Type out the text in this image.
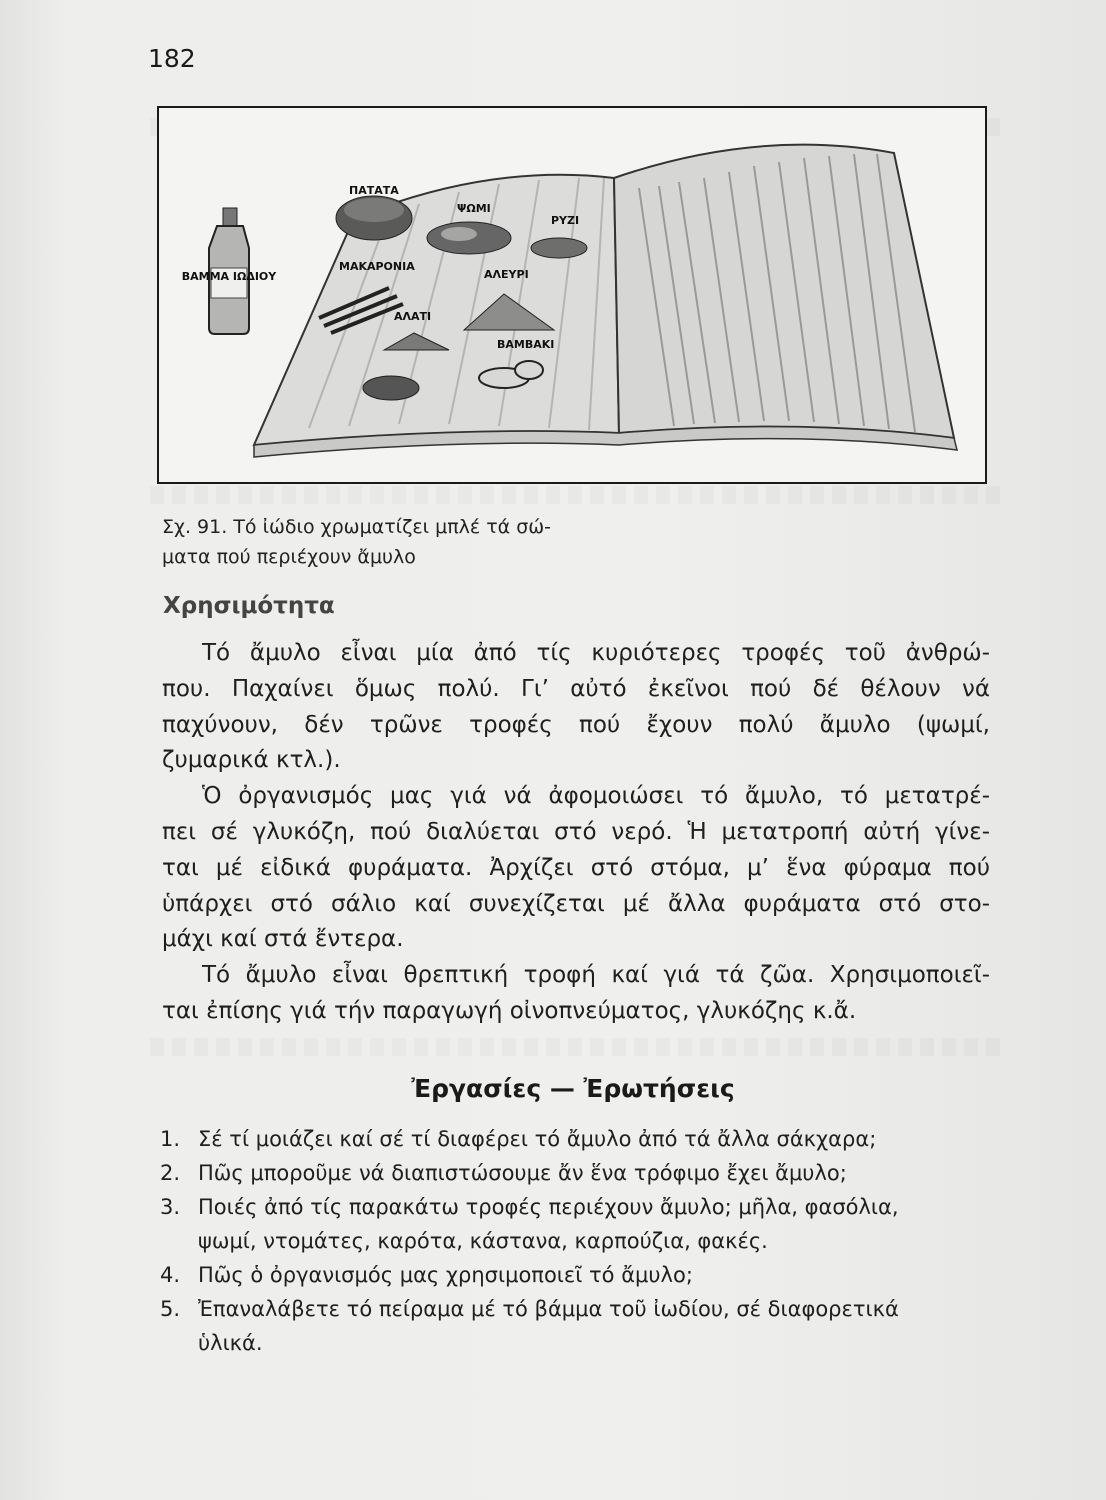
182
ΒΑΜΜΑ ΙΩΔΙΟΥ
ΠΑΤΑΤΑ
ΨΩΜΙ
ΡΥΖΙ
ΜΑΚΑΡΟΝΙΑ
ΑΛΕΥΡΙ
ΑΛΑΤΙ
ΒΑΜΒΑΚΙ
Σχ. 91. Τό ἰώδιο χρωματίζει μπλέ τά σώ-
ματα πού περιέχουν ἄμυλο
Χρησιμότητα
Τό ἄμυλο εἶναι μία ἀπό τίς κυριότερες τροφές τοῦ ἀνθρώ-
που. Παχαίνει ὅμως πολύ. Γι’ αὐτό ἐκεῖνοι πού δέ θέλουν νά
παχύνουν, δέν τρῶνε τροφές πού ἔχουν πολύ ἄμυλο (ψωμί,
ζυμαρικά κτλ.).
Ὁ ὀργανισμός μας γιά νά ἀφομοιώσει τό ἄμυλο, τό μετατρέ-
πει σέ γλυκόζη, πού διαλύεται στό νερό. Ἡ μετατροπή αὐτή γίνε-
ται μέ εἰδικά φυράματα. Ἀρχίζει στό στόμα, μ’ ἕνα φύραμα πού
ὑπάρχει στό σάλιο καί συνεχίζεται μέ ἄλλα φυράματα στό στο-
μάχι καί στά ἔντερα.
Τό ἄμυλο εἶναι θρεπτική τροφή καί γιά τά ζῶα. Χρησιμοποιεῖ-
ται ἐπίσης γιά τήν παραγωγή οἰνοπνεύματος, γλυκόζης κ.ἄ.
Ἐργασίες — Ἐρωτήσεις
1. Σέ τί μοιάζει καί σέ τί διαφέρει τό ἄμυλο ἀπό τά ἄλλα σάκχαρα;
2. Πῶς μποροῦμε νά διαπιστώσουμε ἄν ἕνα τρόφιμο ἔχει ἄμυλο;
3. Ποιές ἀπό τίς παρακάτω τροφές περιέχουν ἄμυλο; μῆλα, φασόλια,
ψωμί, ντομάτες, καρότα, κάστανα, καρπούζια, φακές.
4. Πῶς ὁ ὀργανισμός μας χρησιμοποιεῖ τό ἄμυλο;
5. Ἐπαναλάβετε τό πείραμα μέ τό βάμμα τοῦ ἰωδίου, σέ διαφορετικά
ὑλικά.
